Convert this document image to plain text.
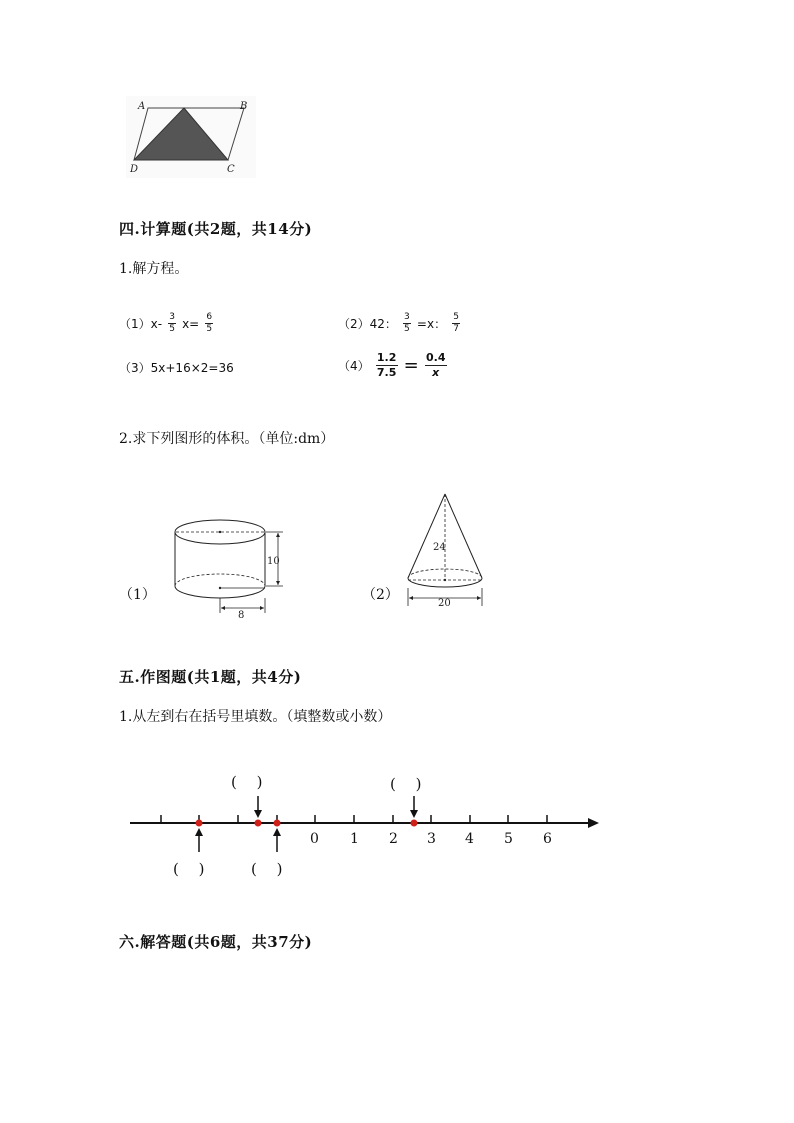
A	B
D	C
四.计算题(共2题，共14分)
1.解方程。
（1） $x- \frac{3}{5} x= \frac{6}{5}$	（2） 42： $\frac{3}{5} =x$： $\frac{5}{7}$
（3） 5x+16×2=36	$(4) \frac{1.2}{7.5} = \frac{0.4}{x}$
2.求下列图形的体积。（单位:dm）
（1）
10
8
（2）
24
20
五.作图题(共1题，共4分)
1.从左到右在括号里填数。（填整数或小数）
0 1 2 3 4 5 6
(　 )	(　 )
(　 )	(　 )
六.解答题(共6题，共37分)
